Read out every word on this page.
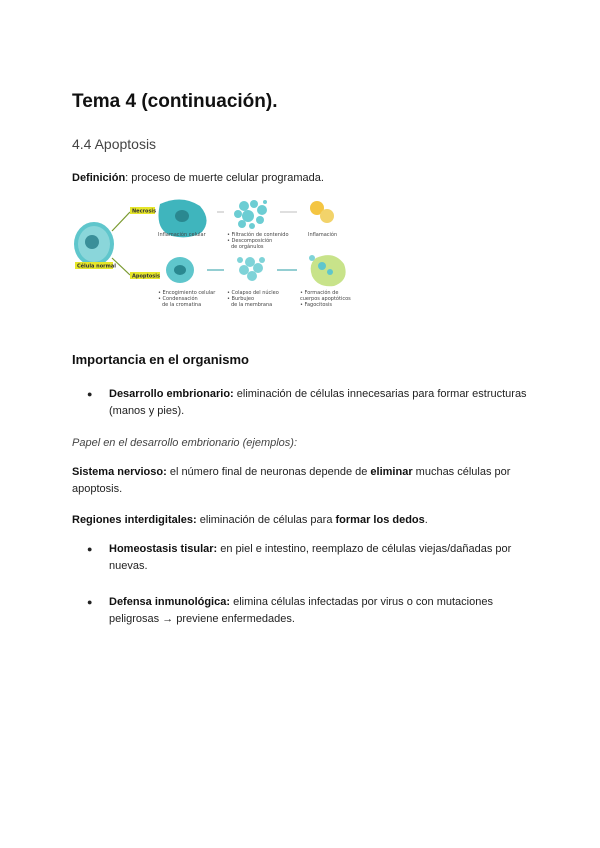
Tema 4 (continuación).
4.4 Apoptosis
Definición: proceso de muerte celular programada.
Célula normal
Necrosis
Inflamación celular	• Filtración de contenido
• Descomposición
de orgánulos
Inflamación
Apoptosis
• Encogimiento celular
• Condensación
de la cromatina
• Colapso del núcleo
• Burbujeo
de la membrana
• Formación de
cuerpos apoptóticos
• Fagocitosis
Importancia en el organismo
●	Desarrollo embrionario: eliminación de células innecesarias para formar estructuras (manos y pies).
Papel en el desarrollo embrionario (ejemplos):
Sistema nervioso: el número final de neuronas depende de eliminar muchas células por apoptosis.
Regiones interdigitales: eliminación de células para formar los dedos.
●	Homeostasis tisular: en piel e intestino, reemplazo de células viejas/dañadas por nuevas.
●	Defensa inmunológica: elimina células infectadas por virus o con mutaciones peligrosas → previene enfermedades.
